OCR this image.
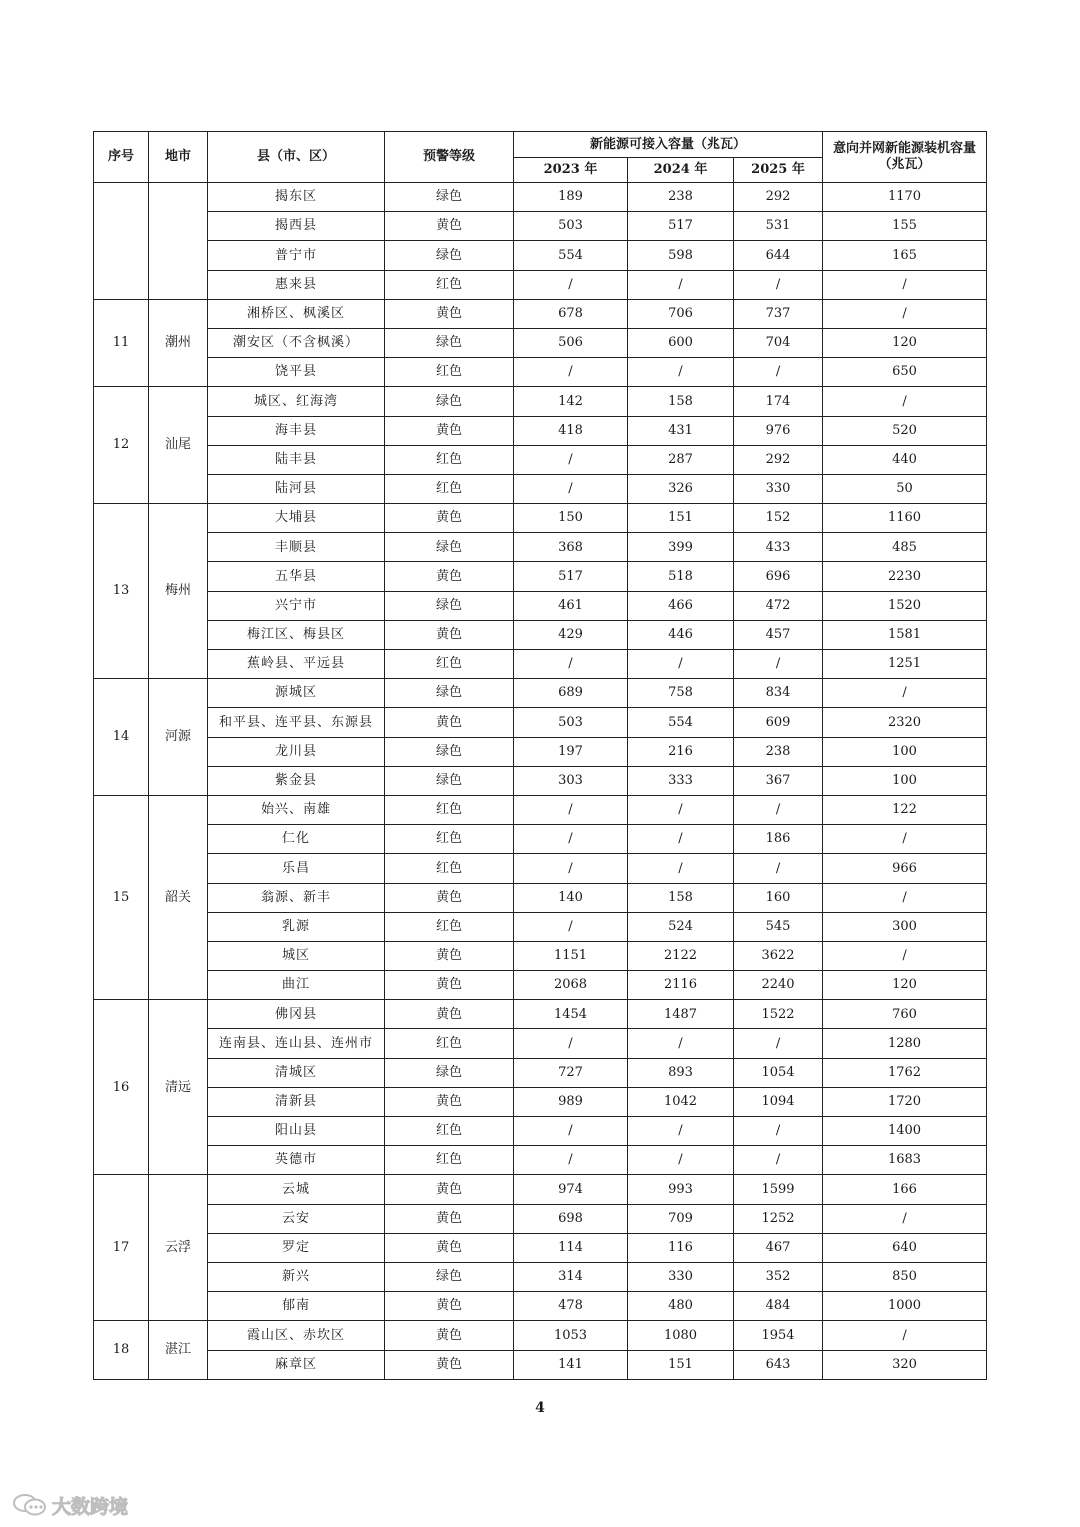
序号	地市	县（市、区）	预警等级	新能源可接入容量（兆瓦）			意向并网新能源装机容量（兆瓦）
				2023 年	2024 年	2025 年	
		揭东区	绿色	189	238	292	1170
		揭西县	黄色	503	517	531	155
		普宁市	绿色	554	598	644	165
		惠来县	红色	/	/	/	/
11	潮州	湘桥区、枫溪区	黄色	678	706	737	/
		潮安区（不含枫溪）	绿色	506	600	704	120
		饶平县	红色	/	/	/	650
12	汕尾	城区、红海湾	绿色	142	158	174	/
		海丰县	黄色	418	431	976	520
		陆丰县	红色	/	287	292	440
		陆河县	红色	/	326	330	50
13	梅州	大埔县	黄色	150	151	152	1160
		丰顺县	绿色	368	399	433	485
		五华县	黄色	517	518	696	2230
		兴宁市	绿色	461	466	472	1520
		梅江区、梅县区	黄色	429	446	457	1581
		蕉岭县、平远县	红色	/	/	/	1251
14	河源	源城区	绿色	689	758	834	/
		和平县、连平县、东源县	黄色	503	554	609	2320
		龙川县	绿色	197	216	238	100
		紫金县	绿色	303	333	367	100
15	韶关	始兴、南雄	红色	/	/	/	122
		仁化	红色	/	/	186	/
		乐昌	红色	/	/	/	966
		翁源、新丰	黄色	140	158	160	/
		乳源	红色	/	524	545	300
		城区	黄色	1151	2122	3622	/
		曲江	黄色	2068	2116	2240	120
16	清远	佛冈县	黄色	1454	1487	1522	760
		连南县、连山县、连州市	红色	/	/	/	1280
		清城区	绿色	727	893	1054	1762
		清新县	黄色	989	1042	1094	1720
		阳山县	红色	/	/	/	1400
		英德市	红色	/	/	/	1683
17	云浮	云城	黄色	974	993	1599	166
		云安	黄色	698	709	1252	/
		罗定	黄色	114	116	467	640
		新兴	绿色	314	330	352	850
		郁南	黄色	478	480	484	1000
18	湛江	霞山区、赤坎区	黄色	1053	1080	1954	/
		麻章区	黄色	141	151	643	320
4
大数跨境
